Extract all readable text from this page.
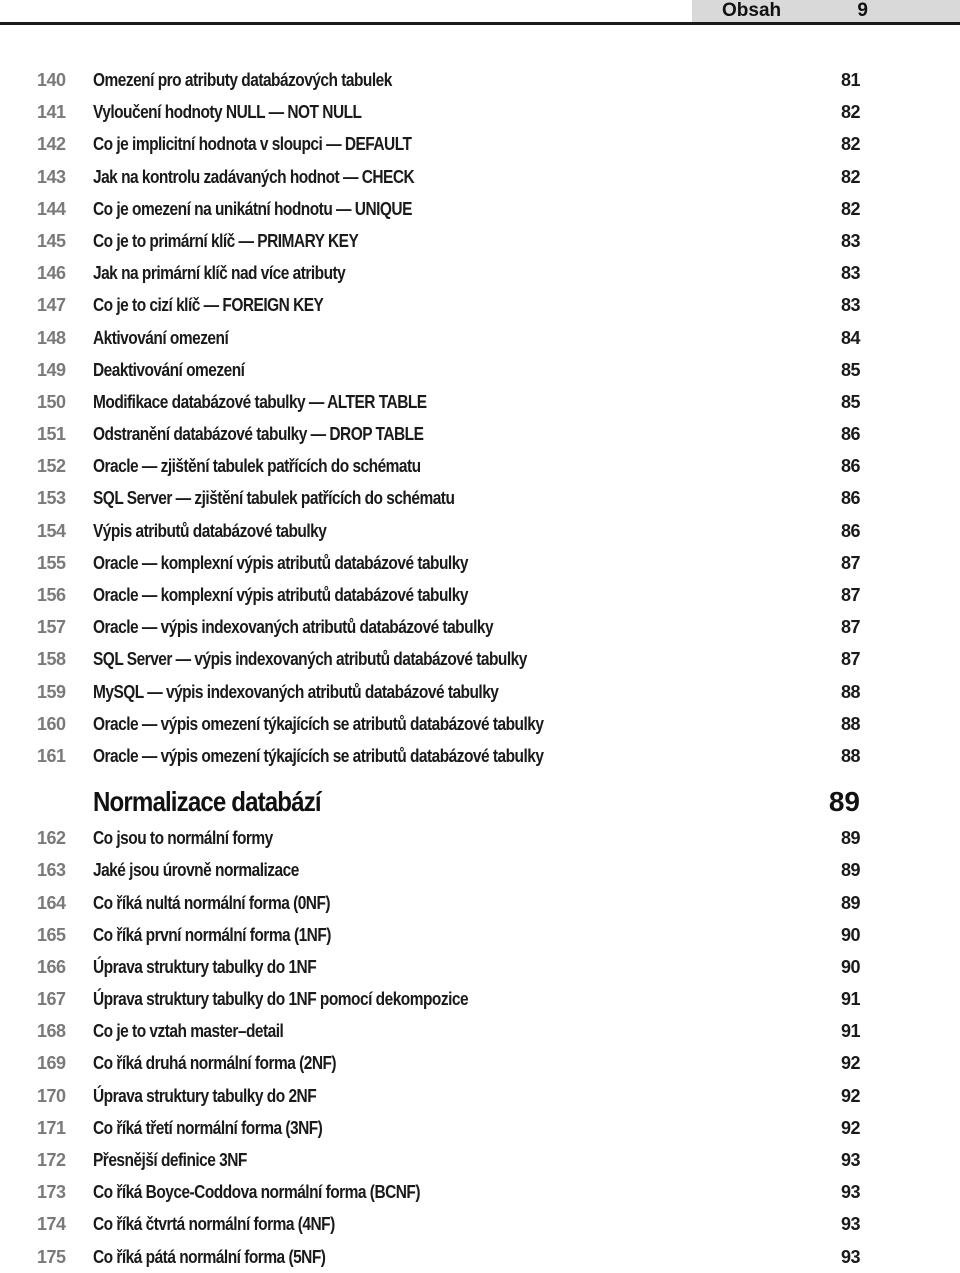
Obsah	9
140 Omezení pro atributy databázových tabulek	81
141 Vyloučení hodnoty NULL — NOT NULL	82
142 Co je implicitní hodnota v sloupci — DEFAULT	82
143 Jak na kontrolu zadávaných hodnot — CHECK	82
144 Co je omezení na unikátní hodnotu — UNIQUE	82
145 Co je to primární klíč — PRIMARY KEY	83
146 Jak na primární klíč nad více atributy	83
147 Co je to cizí klíč — FOREIGN KEY	83
148 Aktivování omezení	84
149 Deaktivování omezení	85
150 Modifikace databázové tabulky — ALTER TABLE	85
151 Odstranění databázové tabulky — DROP TABLE	86
152 Oracle — zjištění tabulek patřících do schématu	86
153 SQL Server — zjištění tabulek patřících do schématu	86
154 Výpis atributů databázové tabulky	86
155 Oracle — komplexní výpis atributů databázové tabulky	87
156 Oracle — komplexní výpis atributů databázové tabulky	87
157 Oracle — výpis indexovaných atributů databázové tabulky	87
158 SQL Server — výpis indexovaných atributů databázové tabulky	87
159 MySQL — výpis indexovaných atributů databázové tabulky	88
160 Oracle — výpis omezení týkajících se atributů databázové tabulky	88
161 Oracle — výpis omezení týkajících se atributů databázové tabulky	88
Normalizace databází	89
162 Co jsou to normální formy	89
163 Jaké jsou úrovně normalizace	89
164 Co říká nultá normální forma (0NF)	89
165 Co říká první normální forma (1NF)	90
166 Úprava struktury tabulky do 1NF	90
167 Úprava struktury tabulky do 1NF pomocí dekompozice	91
168 Co je to vztah master–detail	91
169 Co říká druhá normální forma (2NF)	92
170 Úprava struktury tabulky do 2NF	92
171 Co říká třetí normální forma (3NF)	92
172 Přesnější definice 3NF	93
173 Co říká Boyce-Coddova normální forma (BCNF)	93
174 Co říká čtvrtá normální forma (4NF)	93
175 Co říká pátá normální forma (5NF)	93
